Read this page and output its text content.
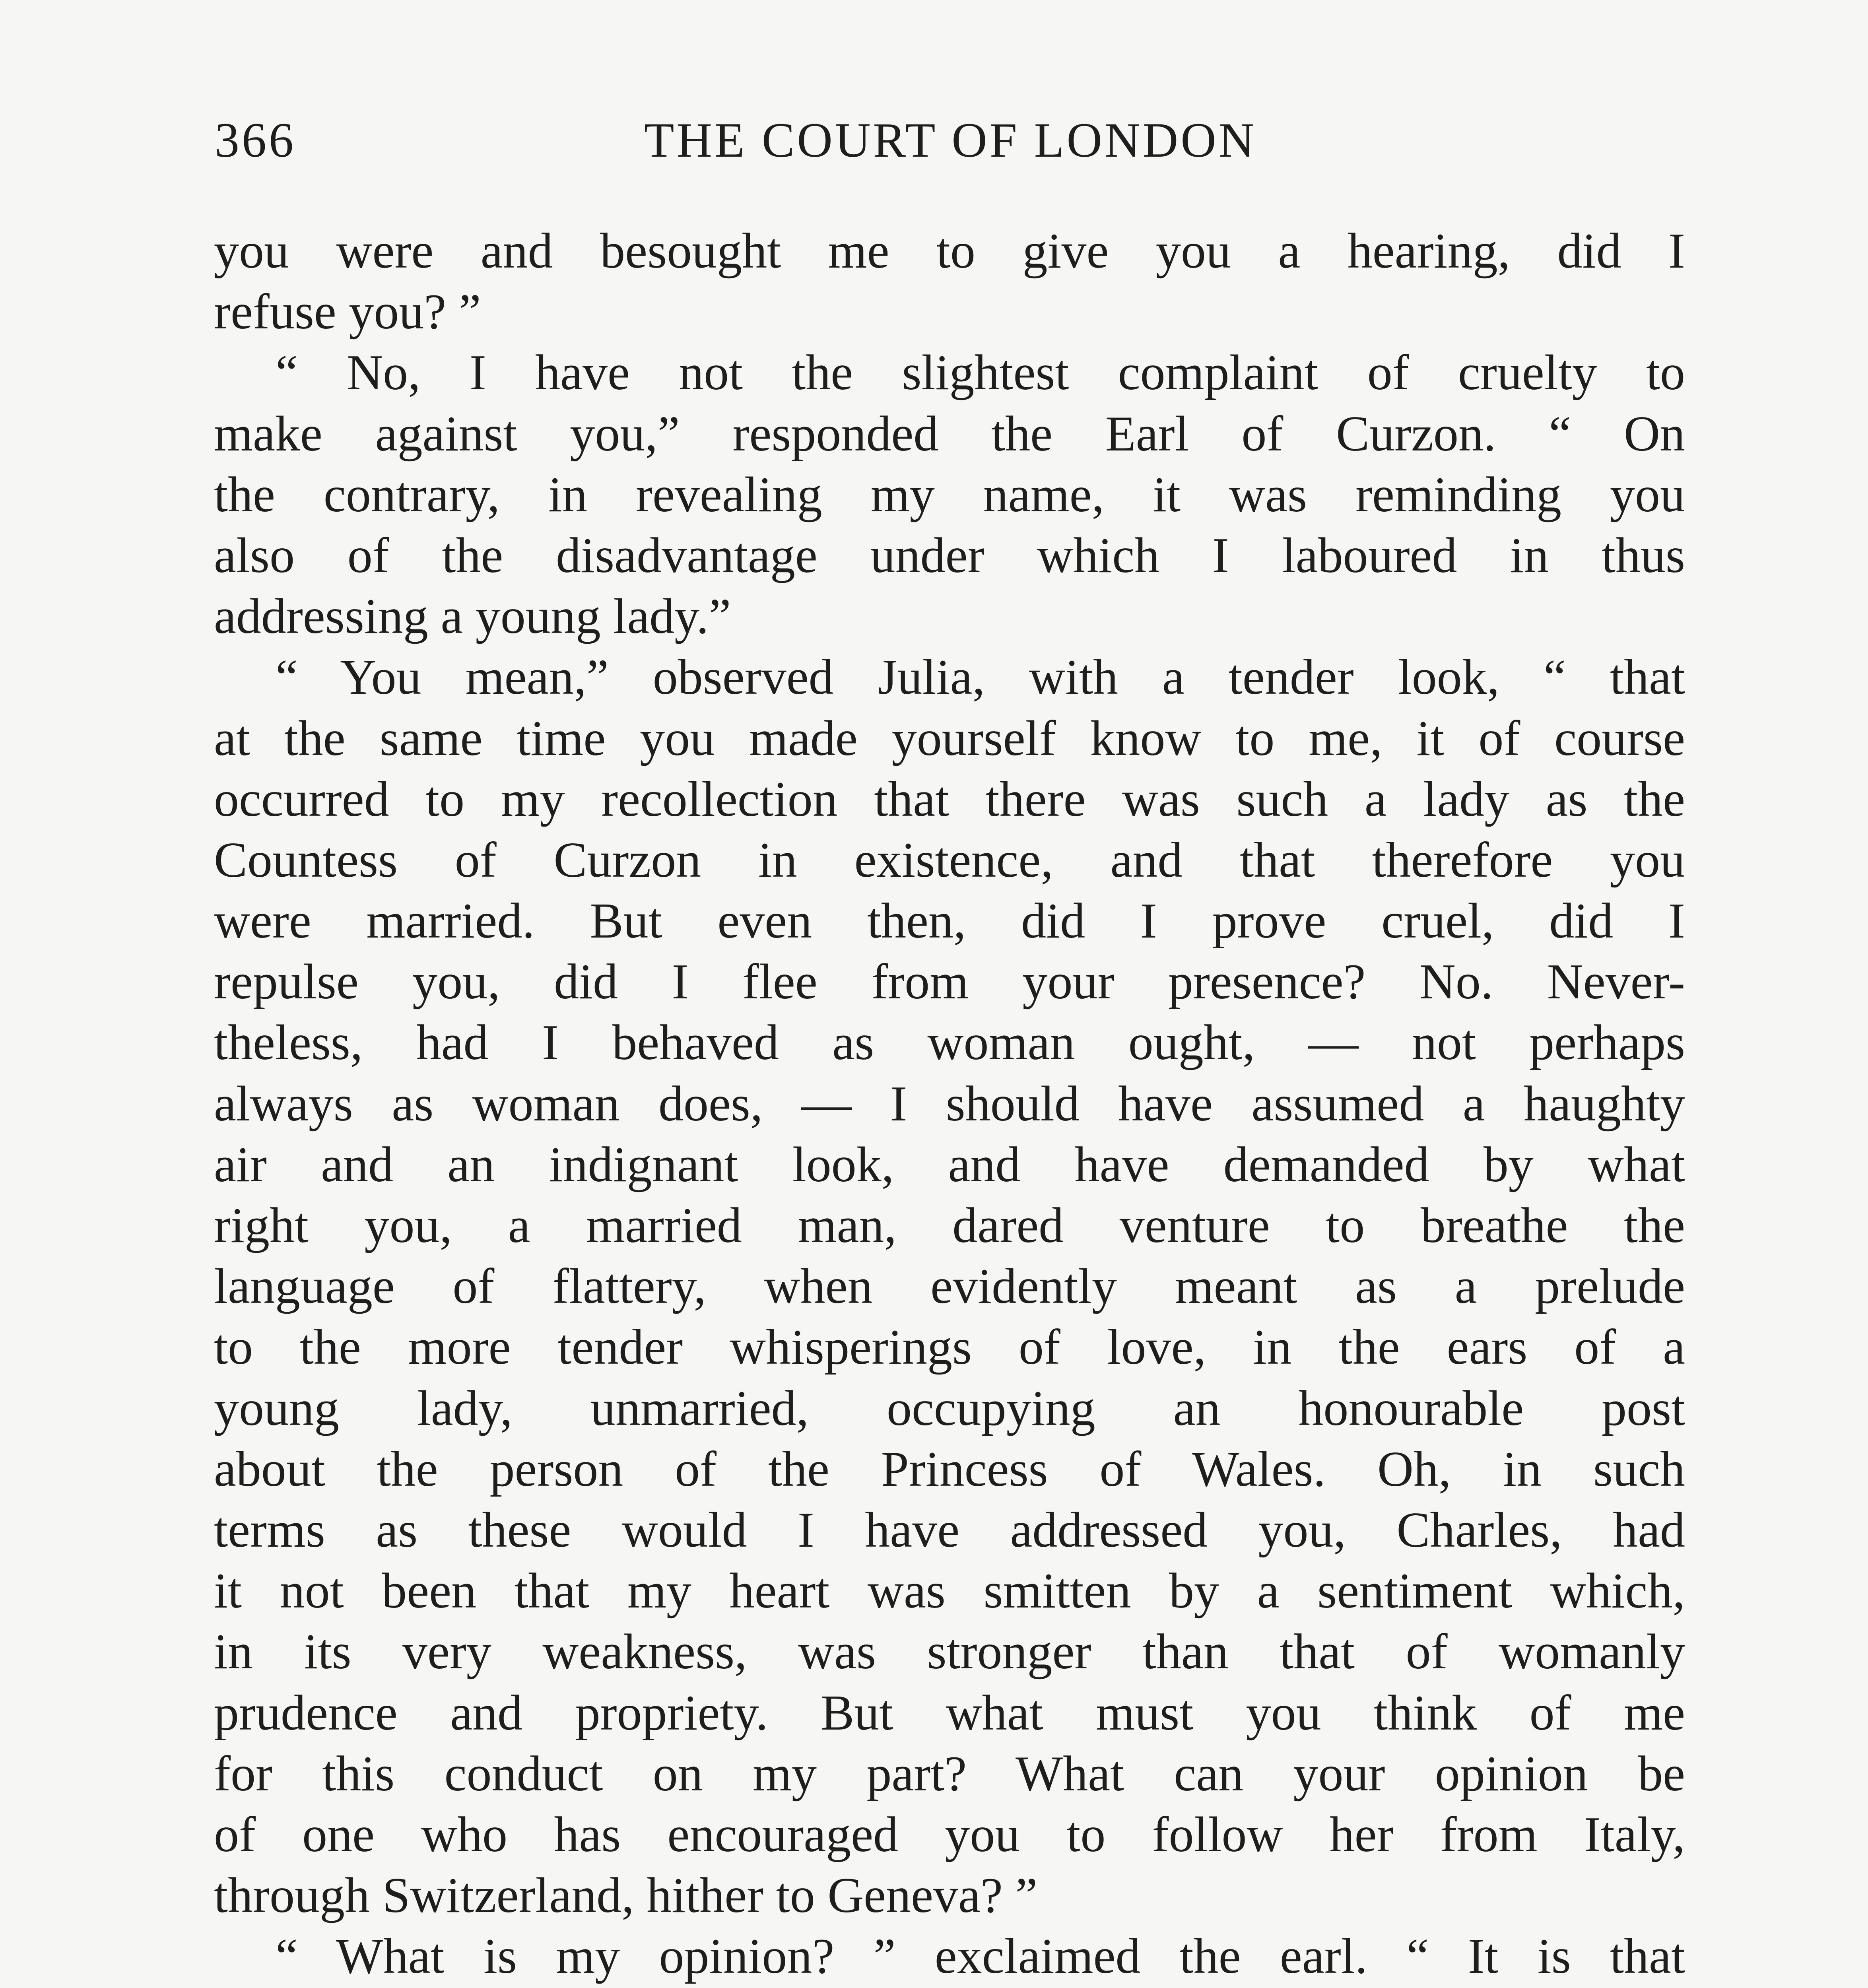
366	THE COURT OF LONDON
you were and besought me to give you a hearing, did I
refuse you? ”
“ No, I have not the slightest complaint of cruelty to
make against you,” responded the Earl of Curzon. “ On
the contrary, in revealing my name, it was reminding you
also of the disadvantage under which I laboured in thus
addressing a young lady.”
“ You mean,” observed Julia, with a tender look, “ that
at the same time you made yourself know to me, it of course
occurred to my recollection that there was such a lady as the
Countess of Curzon in existence, and that therefore you
were married. But even then, did I prove cruel, did I
repulse you, did I flee from your presence? No. Never-
theless, had I behaved as woman ought, — not perhaps
always as woman does, — I should have assumed a haughty
air and an indignant look, and have demanded by what
right you, a married man, dared venture to breathe the
language of flattery, when evidently meant as a prelude
to the more tender whisperings of love, in the ears of a
young lady, unmarried, occupying an honourable post
about the person of the Princess of Wales. Oh, in such
terms as these would I have addressed you, Charles, had
it not been that my heart was smitten by a sentiment which,
in its very weakness, was stronger than that of womanly
prudence and propriety. But what must you think of me
for this conduct on my part? What can your opinion be
of one who has encouraged you to follow her from Italy,
through Switzerland, hither to Geneva? ”
“ What is my opinion? ” exclaimed the earl. “ It is that
